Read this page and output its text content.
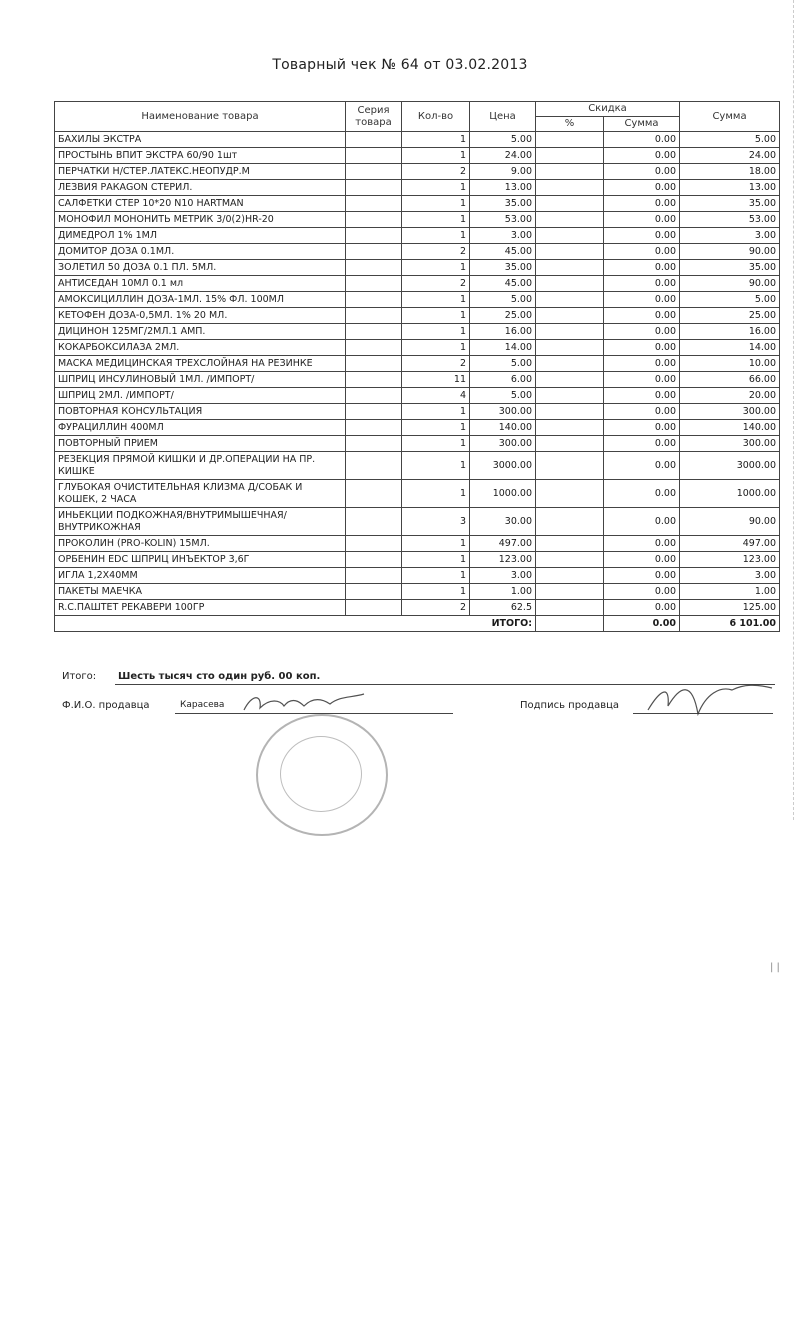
Товарный чек № 64 от 03.02.2013
Наименование товара	Серия товара	Кол-во	Цена	Скидка		Сумма
				%	Сумма	
БАХИЛЫ ЭКСТРА		1	5.00		0.00	5.00
ПРОСТЫНЬ ВПИТ ЭКСТРА 60/90 1шт		1	24.00		0.00	24.00
ПЕРЧАТКИ Н/СТЕР.ЛАТЕКС.НЕОПУДР.M		2	9.00		0.00	18.00
ЛЕЗВИЯ РАКАGON СТЕРИЛ.		1	13.00		0.00	13.00
САЛФЕТКИ СТЕР 10*20 N10 HARTMAN		1	35.00		0.00	35.00
МОНОФИЛ МОНОНИТЬ МЕТРИК 3/0(2)HR-20		1	53.00		0.00	53.00
ДИМЕДРОЛ 1% 1МЛ		1	3.00		0.00	3.00
ДОМИТОР ДОЗА 0.1МЛ.		2	45.00		0.00	90.00
ЗОЛЕТИЛ 50 ДОЗА 0.1 ПЛ. 5МЛ.		1	35.00		0.00	35.00
АНТИСЕДАН 10МЛ 0.1 мл		2	45.00		0.00	90.00
АМОКСИЦИЛЛИН ДОЗА-1МЛ. 15% ФЛ. 100МЛ		1	5.00		0.00	5.00
КЕТОФЕН ДОЗА-0,5МЛ. 1% 20 МЛ.		1	25.00		0.00	25.00
ДИЦИНОН 125МГ/2МЛ.1 АМП.		1	16.00		0.00	16.00
КОКАРБОКСИЛАЗА 2МЛ.		1	14.00		0.00	14.00
МАСКА МЕДИЦИНСКАЯ ТРЕХСЛОЙНАЯ НА РЕЗИНКЕ		2	5.00		0.00	10.00
ШПРИЦ ИНСУЛИНОВЫЙ 1МЛ. /ИМПОРТ/		11	6.00		0.00	66.00
ШПРИЦ 2МЛ. /ИМПОРТ/		4	5.00		0.00	20.00
ПОВТОРНАЯ КОНСУЛЬТАЦИЯ		1	300.00		0.00	300.00
ФУРАЦИЛЛИН 400МЛ		1	140.00		0.00	140.00
ПОВТОРНЫЙ ПРИЕМ		1	300.00		0.00	300.00
РЕЗЕКЦИЯ ПРЯМОЙ КИШКИ И ДР.ОПЕРАЦИИ НА ПР. КИШКЕ		1	3000.00		0.00	3000.00
ГЛУБОКАЯ ОЧИСТИТЕЛЬНАЯ КЛИЗМА Д/СОБАК И КОШЕК, 2 ЧАСА		1	1000.00		0.00	1000.00
ИНЬЕКЦИИ ПОДКОЖНАЯ/ВНУТРИМЫШЕЧНАЯ/ВНУТРИКОЖНАЯ		3	30.00		0.00	90.00
ПРОКОЛИН (PRO-KOLIN) 15МЛ.		1	497.00		0.00	497.00
ОРБЕНИН EDC ШПРИЦ ИНЪЕКТОР 3,6Г		1	123.00		0.00	123.00
ИГЛА 1,2Х40ММ		1	3.00		0.00	3.00
ПАКЕТЫ МАЕЧКА		1	1.00		0.00	1.00
R.C.ПАШТЕТ РЕКАВЕРИ 100ГР		2	62.5		0.00	125.00
ИТОГО:					0.00	6 101.00
Итого: Шесть тысяч сто один руб. 00 коп.
Ф.И.О. продавца	Карасева	Подпись продавца
| |
